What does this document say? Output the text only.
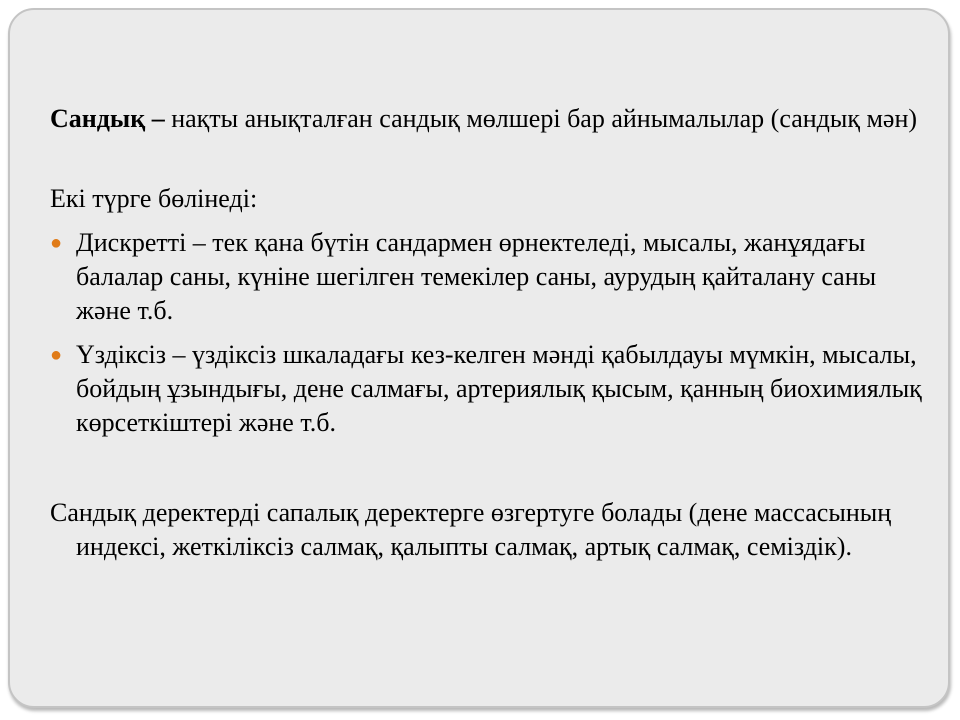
Сандық – нақты анықталған сандық мөлшері бар айнымалылар (сандық мән)

Екі түрге бөлінеді:

● Дискретті – тек қана бүтін сандармен өрнектеледі, мысалы, жанұядағы балалар саны, күніне шегілген темекілер саны, аурудың қайталану саны және т.б.
● Үздіксіз – үздіксіз шкаладағы кез-келген мәнді қабылдауы мүмкін, мысалы, бойдың ұзындығы, дене салмағы, артериялық қысым, қанның биохимиялық көрсеткіштері және т.б.

Сандық деректерді сапалық деректерге өзгертуге болады (дене массасының индексі, жеткіліксіз салмақ, қалыпты салмақ, артық салмақ, семіздік).
